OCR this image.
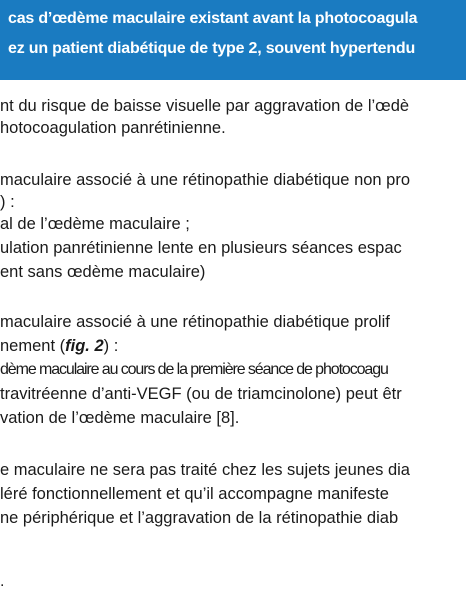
cas d’œdème maculaire existant avant la photocoagula
ez un patient diabétique de type 2, souvent hypertendu
nt du risque de baisse visuelle par aggravation de l’œdè
hotocoagulation panrétinienne.
maculaire associé à une rétinopathie diabétique non pro
) :
al de l’œdème maculaire ;
ulation panrétinienne lente en plusieurs séances espac
ent sans œdème maculaire)
maculaire associé à une rétinopathie diabétique prolif
nement (fig. 2) :
dème maculaire au cours de la première séance de photocoagu
travitréenne d’anti-VEGF (ou de triamcinolone) peut êtr
vation de l’œdème maculaire [8].
e maculaire ne sera pas traité chez les sujets jeunes dia
léré fonctionnellement et qu’il accompagne manifeste
ne périphérique et l’aggravation de la rétinopathie diab
.
